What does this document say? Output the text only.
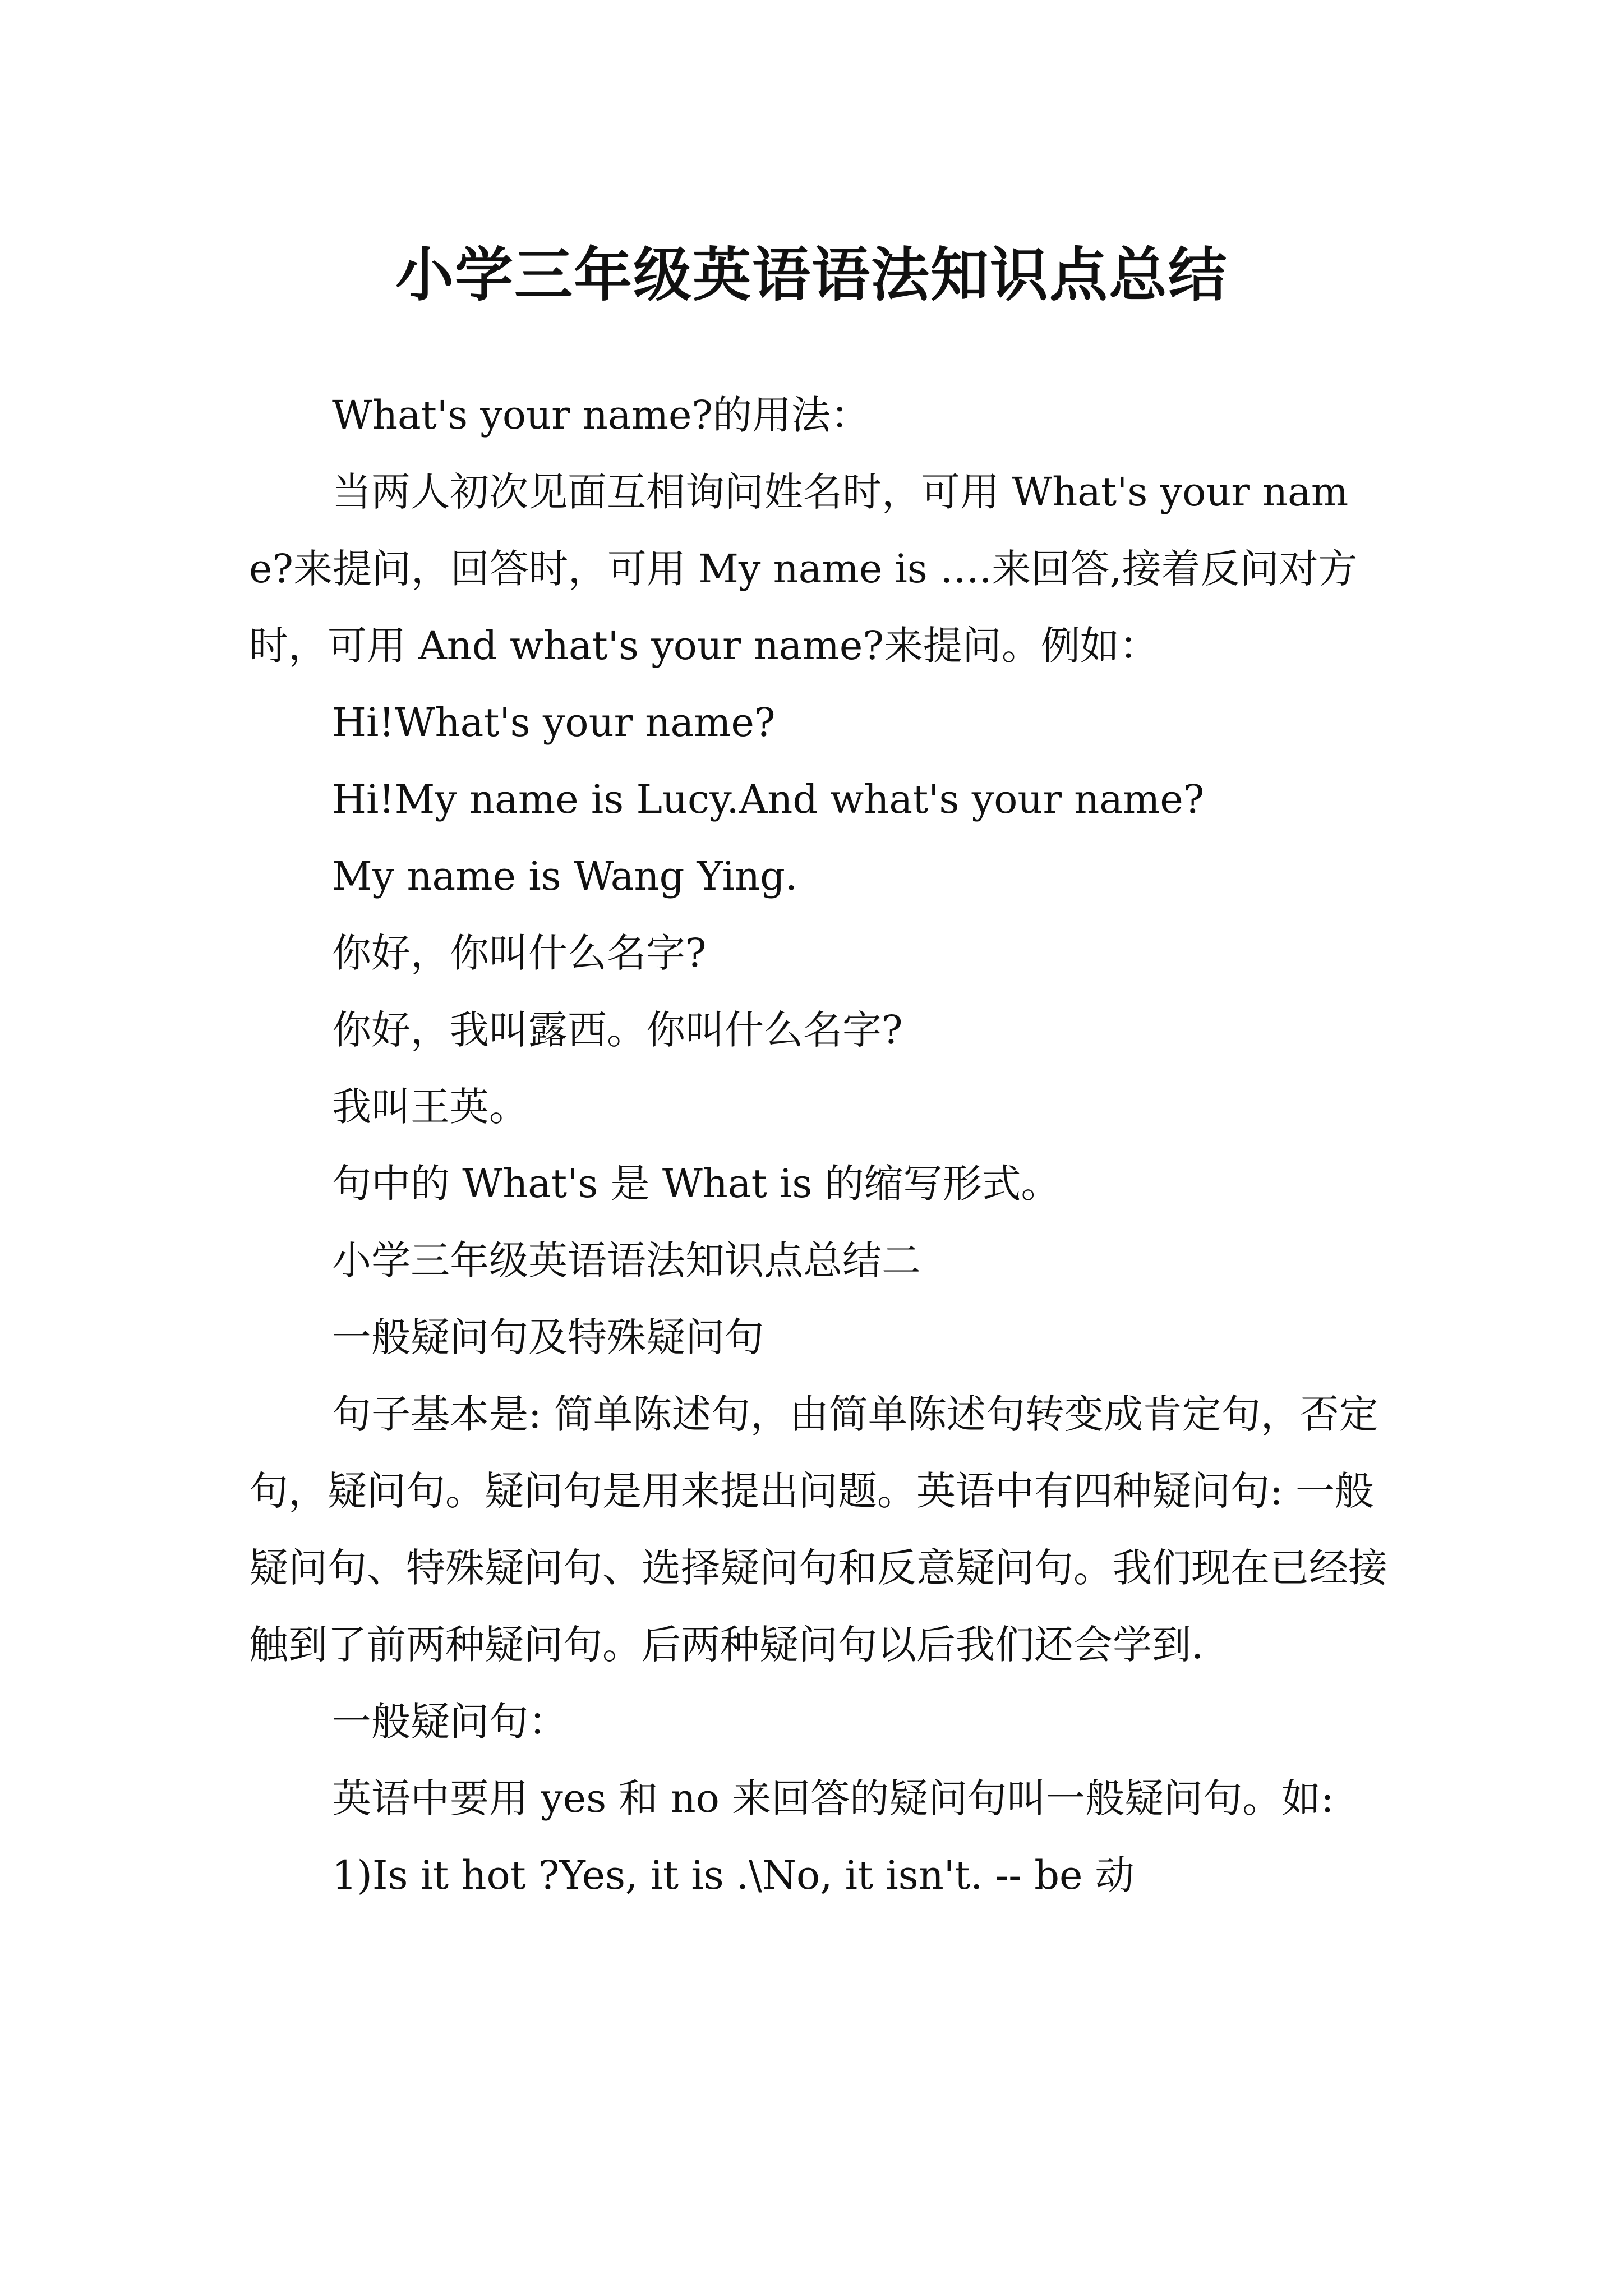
小学三年级英语语法知识点总结

What's your name?的用法：

当两人初次见面互相询问姓名时，可用 What's your name?来提问，回答时，可用 My name is ….来回答,接着反问对方时，可用 And what's your name?来提问。例如：

Hi!What's your name?

Hi!My name is Lucy.And what's your name?

My name is Wang Ying.

你好，你叫什么名字?

你好，我叫露西。你叫什么名字?

我叫王英。

句中的 What's 是 What is 的缩写形式。

小学三年级英语语法知识点总结二

一般疑问句及特殊疑问句

句子基本是: 简单陈述句，由简单陈述句转变成肯定句，否定句，疑问句。疑问句是用来提出问题。英语中有四种疑问句: 一般疑问句、特殊疑问句、选择疑问句和反意疑问句。我们现在已经接触到了前两种疑问句。后两种疑问句以后我们还会学到.

一般疑问句：

英语中要用 yes 和 no 来回答的疑问句叫一般疑问句。如:

1)Is it hot ?Yes, it is .\No, it isn't. -- be 动
